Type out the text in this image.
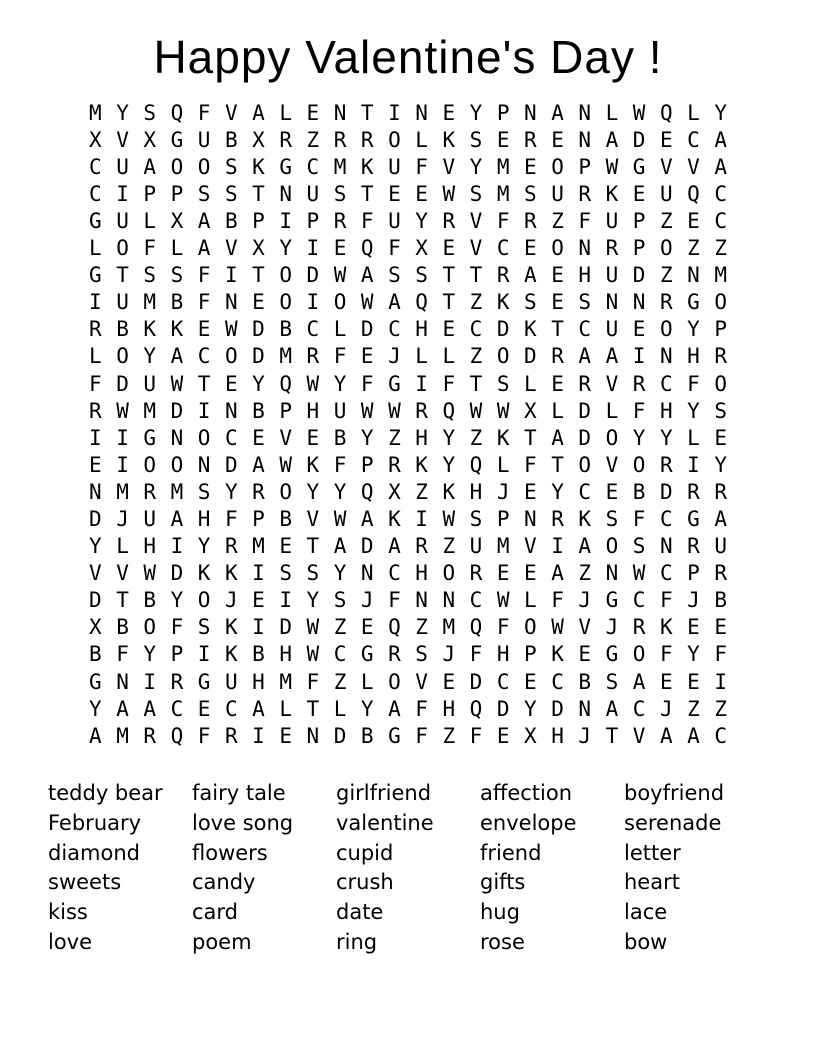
Happy Valentine's Day !
M Y S Q F V A L E N T I N E Y P N A N L W Q L Y
X V X G U B X R Z R R O L K S E R E N A D E C A
C U A O O S K G C M K U F V Y M E O P W G V V A
C I P P S S T N U S T E E W S M S U R K E U Q C
G U L X A B P I P R F U Y R V F R Z F U P Z E C
L O F L A V X Y I E Q F X E V C E O N R P O Z Z
G T S S F I T O D W A S S T T R A E H U D Z N M
I U M B F N E O I O W A Q T Z K S E S N N R G O
R B K K E W D B C L D C H E C D K T C U E O Y P
L O Y A C O D M R F E J L L Z O D R A A I N H R
F D U W T E Y Q W Y F G I F T S L E R V R C F O
R W M D I N B P H U W W R Q W W X L D L F H Y S
I I G N O C E V E B Y Z H Y Z K T A D O Y Y L E
E I O O N D A W K F P R K Y Q L F T O V O R I Y
N M R M S Y R O Y Y Q X Z K H J E Y C E B D R R
D J U A H F P B V W A K I W S P N R K S F C G A
Y L H I Y R M E T A D A R Z U M V I A O S N R U
V V W D K K I S S Y N C H O R E E A Z N W C P R
D T B Y O J E I Y S J F N N C W L F J G C F J B
X B O F S K I D W Z E Q Z M Q F O W V J R K E E
B F Y P I K B H W C G R S J F H P K E G O F Y F
G N I R G U H M F Z L O V E D C E C B S A E E I
Y A A C E C A L T L Y A F H Q D Y D N A C J Z Z
A M R Q F R I E N D B G F Z F E X H J T V A A C
teddy bear
February
diamond
sweets
kiss
love
fairy tale
love song
flowers
candy
card
poem
girlfriend
valentine
cupid
crush
date
ring
affection
envelope
friend
gifts
hug
rose
boyfriend
serenade
letter
heart
lace
bow
